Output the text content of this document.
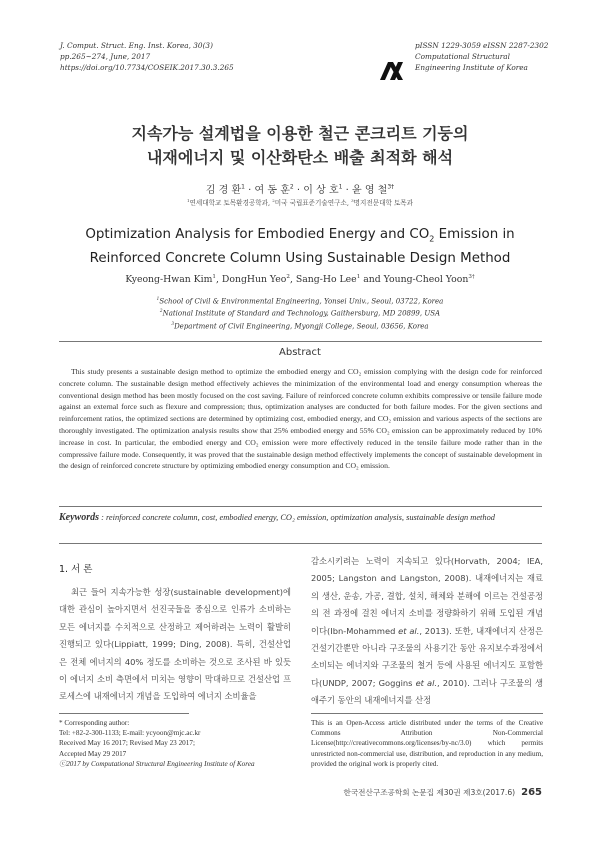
J. Comput. Struct. Eng. Inst. Korea, 30(3)
pp.265~274, June, 2017
https://doi.org/10.7734/COSEIK.2017.30.3.265
pISSN 1229-3059 eISSN 2287-2302
Computational Structural
Engineering Institute of Korea
지속가능 설계법을 이용한 철근 콘크리트 기둥의
내재에너지 및 이산화탄소 배출 최적화 해석
김 경 환$^1$ · 여 동 훈$^2$ · 이 상 호$^1$ · 윤 영 철$^{3\dagger}$
$^1$연세대학교 토목환경공학과, $^2$미국 국립표준기술연구소, $^3$명지전문대학 토목과
Optimization Analysis for Embodied Energy and $CO_2$ Emission in
Reinforced Concrete Column Using Sustainable Design Method
Kyeong-Hwan Kim$^1$, DongHun Yeo$^2$, Sang-Ho Lee$^1$ and Young-Cheol Yoon$^{3\dagger}$
$^1$School of Civil & Environmental Engineering, Yonsei Univ., Seoul, 03722, Korea
$^2$National Institute of Standard and Technology, Gaithersburg, MD 20899, USA
$^3$Department of Civil Engineering, Myongji College, Seoul, 03656, Korea
Abstract

This study presents a sustainable design method to optimize the embodied energy and CO₂ emission complying with the design code for reinforced concrete column. The sustainable design method effectively achieves the minimization of the environmental load and energy consumption whereas the conventional design method has been mostly focused on the cost saving. Failure of reinforced concrete column exhibits compressive or tensile failure mode against an external force such as flexure and compression; thus, optimization analyses are conducted for both failure modes. For the given sections and reinforcement ratios, the optimized sections are determined by optimizing cost, embodied energy, and CO₂ emission and various aspects of the sections are thoroughly investigated. The optimization analysis results show that 25% embodied energy and 55% CO₂ emission can be approximately reduced by 10% increase in cost. In particular, the embodied energy and CO₂ emission were more effectively reduced in the tensile failure mode rather than in the compressive failure mode. Consequently, it was proved that the sustainable design method effectively implements the concept of sustainable development in the design of reinforced concrete structure by optimizing embodied energy consumption and CO₂ emission.

Keywords : reinforced concrete column, cost, embodied energy, CO₂ emission, optimization analysis, sustainable design method
1. 서 론

최근 들어 지속가능한 성장(sustainable development)에 대한 관심이 높아지면서 선진국들을 중심으로 인류가 소비하는 모든 에너지를 수치적으로 산정하고 제어하려는 노력이 활발히 진행되고 있다(Lippiatt, 1999; Ding, 2008). 특히, 건설산업은 전체 에너지의 40% 정도를 소비하는 것으로 조사된 바 있듯이 에너지 소비 측면에서 미치는 영향이 막대하므로 건설산업 프로세스에 내재에너지 개념을 도입하여 에너지 소비율을

감소시키려는 노력이 지속되고 있다(Horvath, 2004; IEA, 2005; Langston and Langston, 2008). 내재에너지는 재료의 생산, 운송, 가공, 결합, 설치, 해체와 분해에 이르는 건설공정의 전 과정에 걸친 에너지 소비를 정량화하기 위해 도입된 개념이다(Ibn-Mohammed et al., 2013). 또한, 내재에너지 산정은 건설기간뿐만 아니라 구조물의 사용기간 동안 유지보수과정에서 소비되는 에너지와 구조물의 철거 등에 사용된 에너지도 포함한다(UNDP, 2007; Goggins et al., 2010). 그러나 구조물의 생애주기 동안의 내재에너지를 산정

* Corresponding author:
Tel: +82-2-300-1133; E-mail: ycyoon@mjc.ac.kr
Received May 16 2017; Revised May 23 2017;
Accepted May 29 2017
ⓒ2017 by Computational Structural Engineering Institute of Korea
This is an Open-Access article distributed under the terms of the Creative Commons Attribution Non-Commercial License(http://creativecommons.org/licenses/by-nc/3.0) which permits unrestricted non-commercial use, distribution, and reproduction in any medium, provided the original work is properly cited.
한국전산구조공학회 논문집 제30권 제3호(2017.6) 265
